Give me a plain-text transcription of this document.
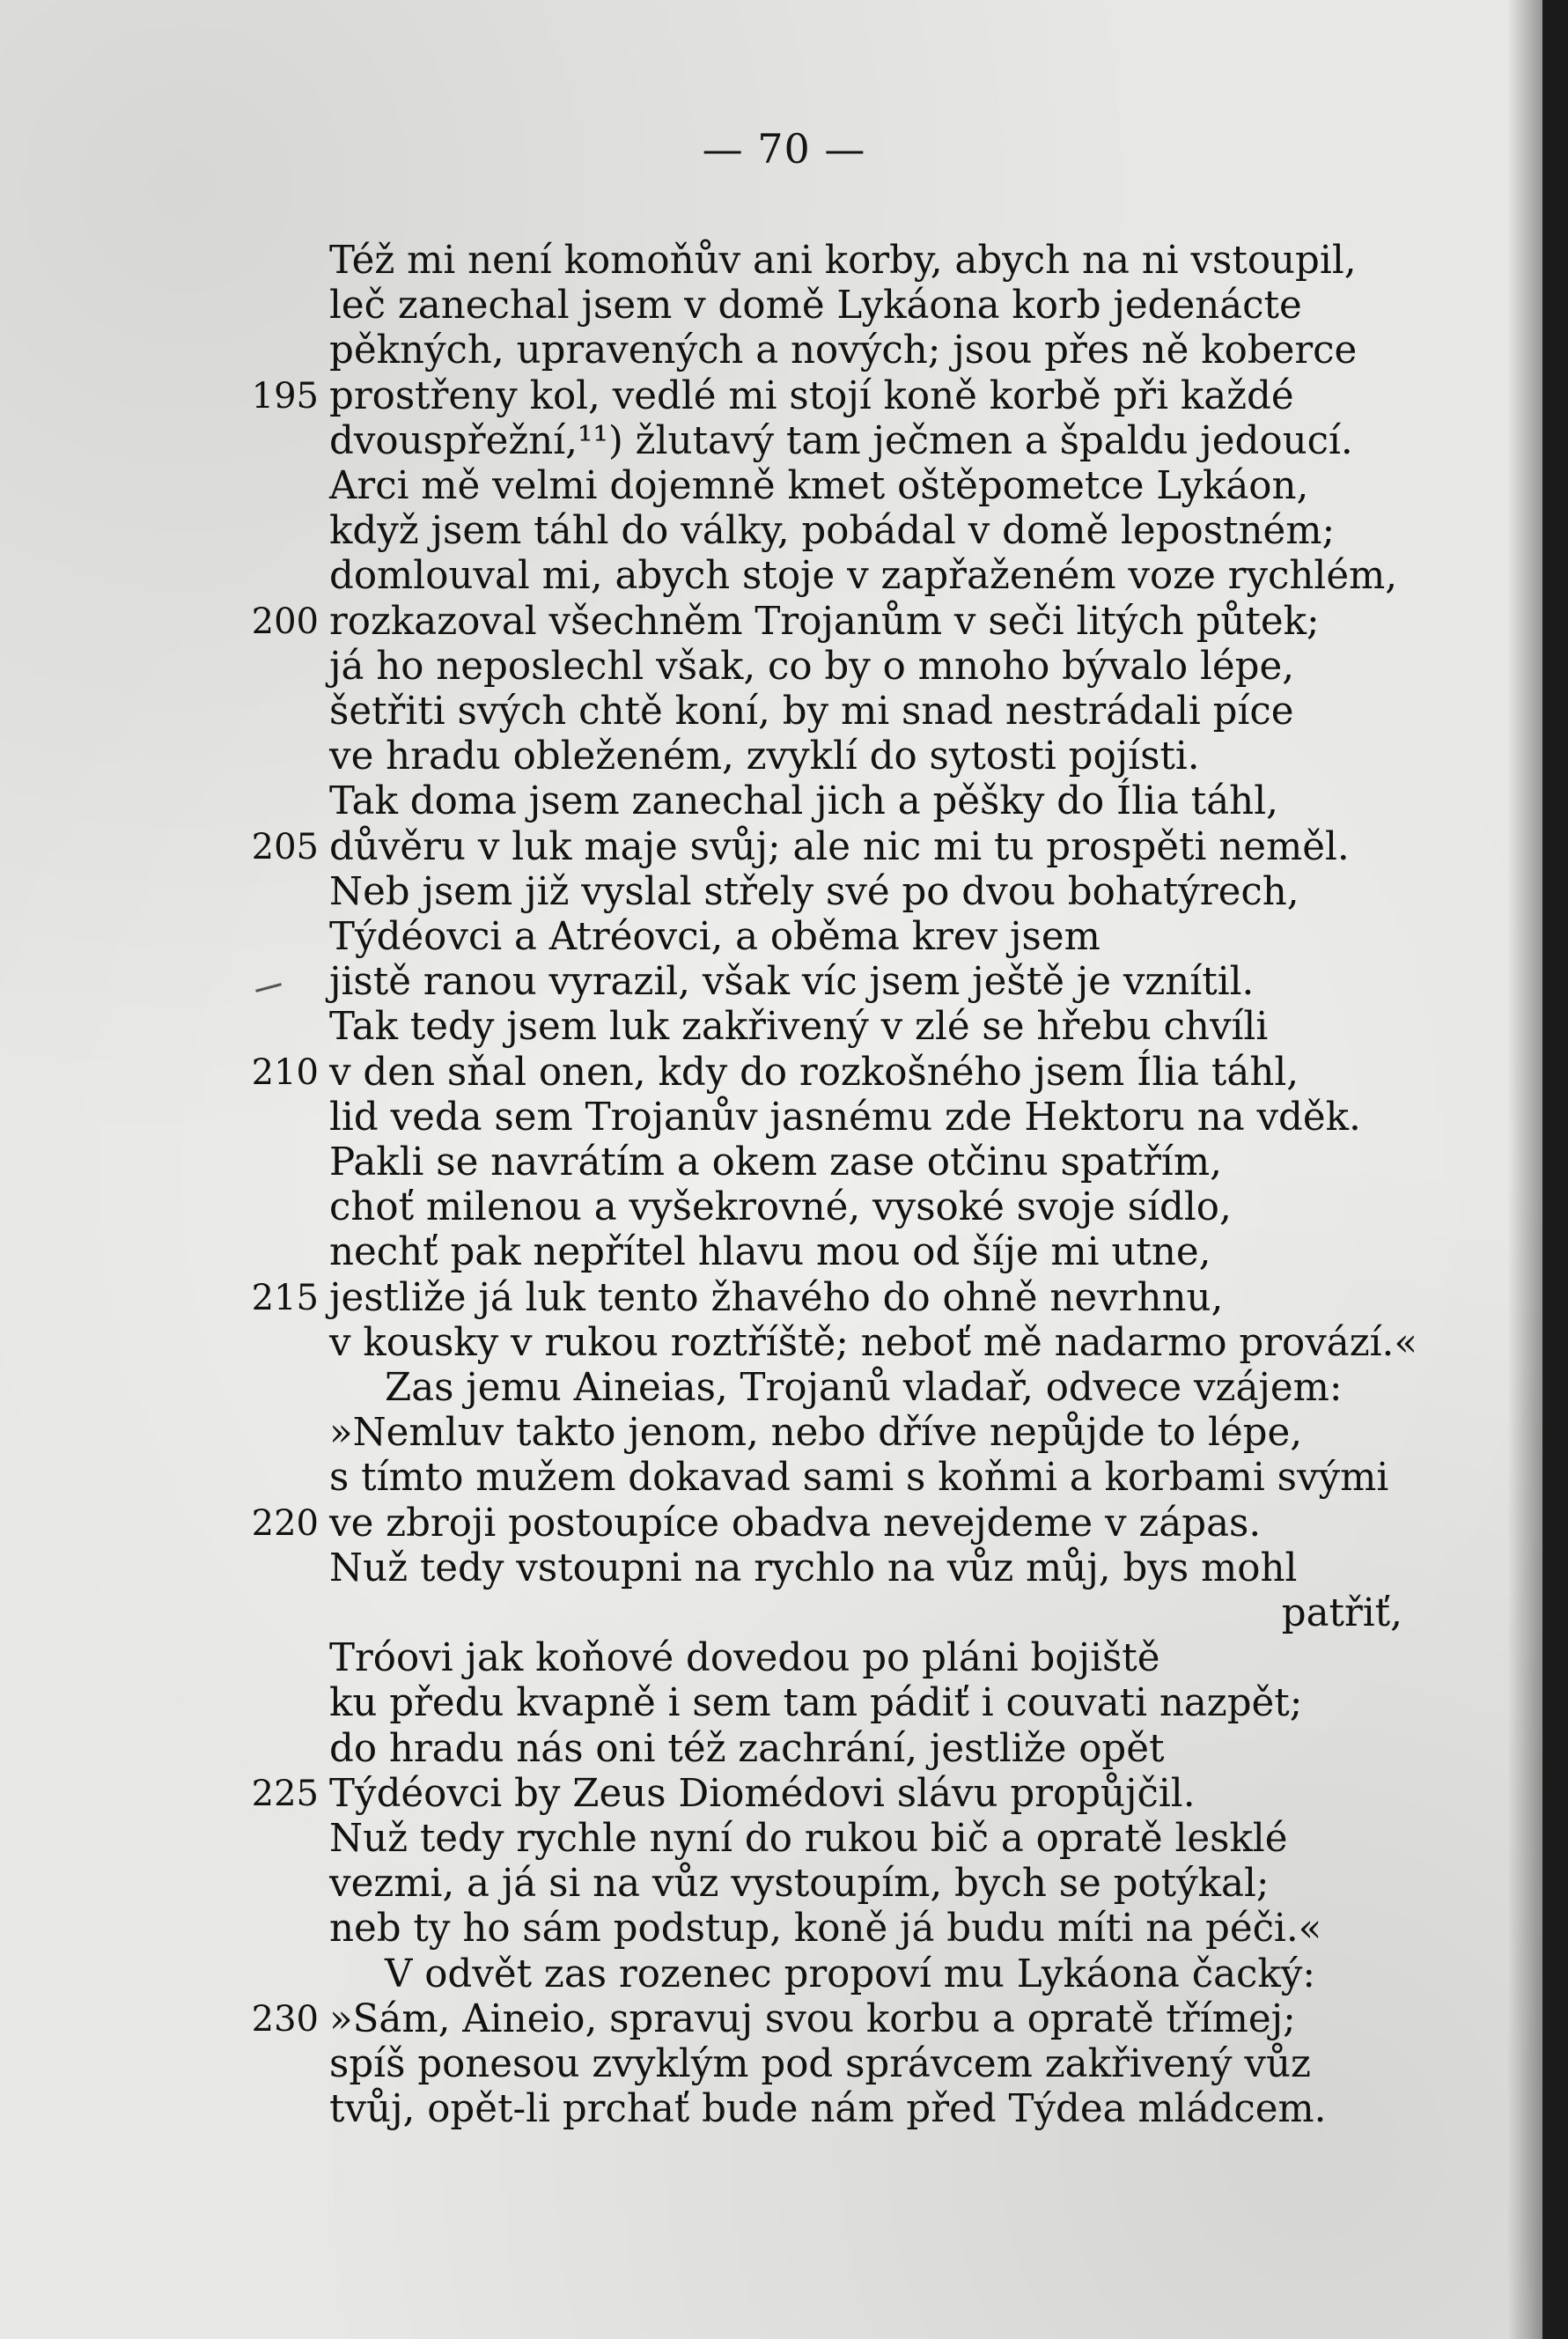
— 70 —
Též mi není komoňův ani korby, abych na ni vstoupil,
leč zanechal jsem v domě Lykáona korb jedenácte
pěkných, upravených a nových; jsou přes ně koberce
195 prostřeny kol, vedlé mi stojí koně korbě při každé
dvouspřežní,¹¹) žlutavý tam ječmen a špaldu jedoucí.
Arci mě velmi dojemně kmet oštěpometce Lykáon,
když jsem táhl do války, pobádal v domě lepostném;
domlouval mi, abych stoje v zapřaženém voze rychlém,
200 rozkazoval všechněm Trojanům v seči litých půtek;
já ho neposlechl však, co by o mnoho bývalo lépe,
šetřiti svých chtě koní, by mi snad nestrádali píce
ve hradu obleženém, zvyklí do sytosti pojísti.
Tak doma jsem zanechal jich a pěšky do Ília táhl,
205 důvěru v luk maje svůj; ale nic mi tu prospěti neměl.
Neb jsem již vyslal střely své po dvou bohatýrech,
Týdéovci a Atréovci, a oběma krev jsem
jistě ranou vyrazil, však víc jsem ještě je vznítil.
Tak tedy jsem luk zakřivený v zlé se hřebu chvíli
210 v den sňal onen, kdy do rozkošného jsem Ília táhl,
lid veda sem Trojanův jasnému zde Hektoru na vděk.
Pakli se navrátím a okem zase otčinu spatřím,
choť milenou a vyšekrovné, vysoké svoje sídlo,
nechť pak nepřítel hlavu mou od šíje mi utne,
215 jestliže já luk tento žhavého do ohně nevrhnu,
v kousky v rukou roztříště; neboť mě nadarmo provází.«
Zas jemu Aineias, Trojanů vladař, odvece vzájem:
»Nemluv takto jenom, nebo dříve nepůjde to lépe,
s tímto mužem dokavad sami s koňmi a korbami svými
220 ve zbroji postoupíce obadva nevejdeme v zápas.
Nuž tedy vstoupni na rychlo na vůz můj, bys mohl
patřiť,
Tróovi jak koňové dovedou po pláni bojiště
ku předu kvapně i sem tam pádiť i couvati nazpět;
do hradu nás oni též zachrání, jestliže opět
225 Týdéovci by Zeus Diomédovi slávu propůjčil.
Nuž tedy rychle nyní do rukou bič a opratě lesklé
vezmi, a já si na vůz vystoupím, bych se potýkal;
neb ty ho sám podstup, koně já budu míti na péči.«
V odvět zas rozenec propoví mu Lykáona čacký:
230 »Sám, Aineio, spravuj svou korbu a opratě třímej;
spíš ponesou zvyklým pod správcem zakřivený vůz
tvůj, opět-li prchať bude nám před Týdea mládcem.
